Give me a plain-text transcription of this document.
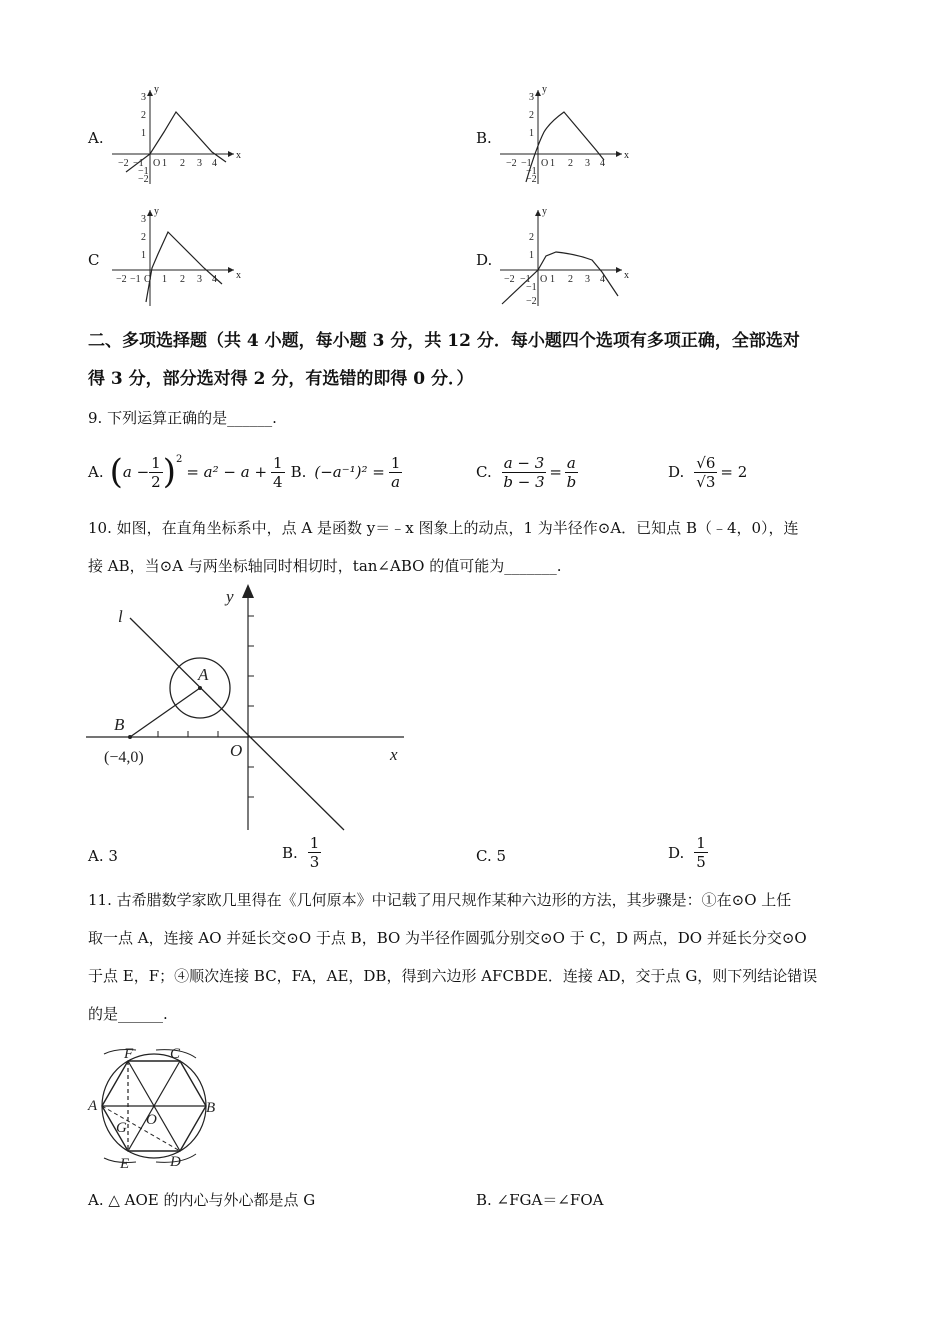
A.	B.
C	D.
x
y
O
−2 −1 1 2 3 4
3
2
1
−1
−2
x
y
O
−2 −1 1 2 3 4
3
2
1
−1
−2
x
y
O
−2 −1 1 2 3 4
3
2
1
x
y
O
−2 −1 1 2 3 4
2
1
−1
−2
二、多项选择题（共 4 小题，每小题 3 分，共 12 分．每小题四个选项有多项正确，全部选对
得 3 分，部分选对得 2 分，有选错的即得 0 分．）
9. 下列运算正确的是______.
A. ( $a - \frac{1}{2} )^2$
= $a^2 - a + \frac{1}{4} B$. $(-a^{-1})^2 = \frac{1}{a}$	C. $\frac{a - 3}{b - 3} = \frac{a}{b}$	D. $\frac{√6}{√3} = 2$
10. 如图，在直角坐标系中，点 A 是函数 y＝﹣x 图象上的动点，1 为半径作⊙A．已知点 B（﹣4，0），连
接 AB，当⊙A 与两坐标轴同时相切时，tan∠ABO 的值可能为_______.
l
y
x
A
B
O
(−4,0)
A. 3	B. $\frac{1}{3}$	C. 5	D. $\frac{1}{5}$
11. 古希腊数学家欧几里得在《几何原本》中记载了用尺规作某种六边形的方法，其步骤是：①在⊙O 上任
取一点 A，连接 AO 并延长交⊙O 于点 B，BO 为半径作圆弧分别交⊙O 于 C，D 两点，DO 并延长分交⊙O
于点 E，F；④顺次连接 BC，FA，AE，DB，得到六边形 AFCBDE．连接 AD，交于点 G，则下列结论错误
的是______.
A	B
C
D
E
F
G O
A. △ AOE 的内心与外心都是点 G	B. ∠FGA＝∠FOA
